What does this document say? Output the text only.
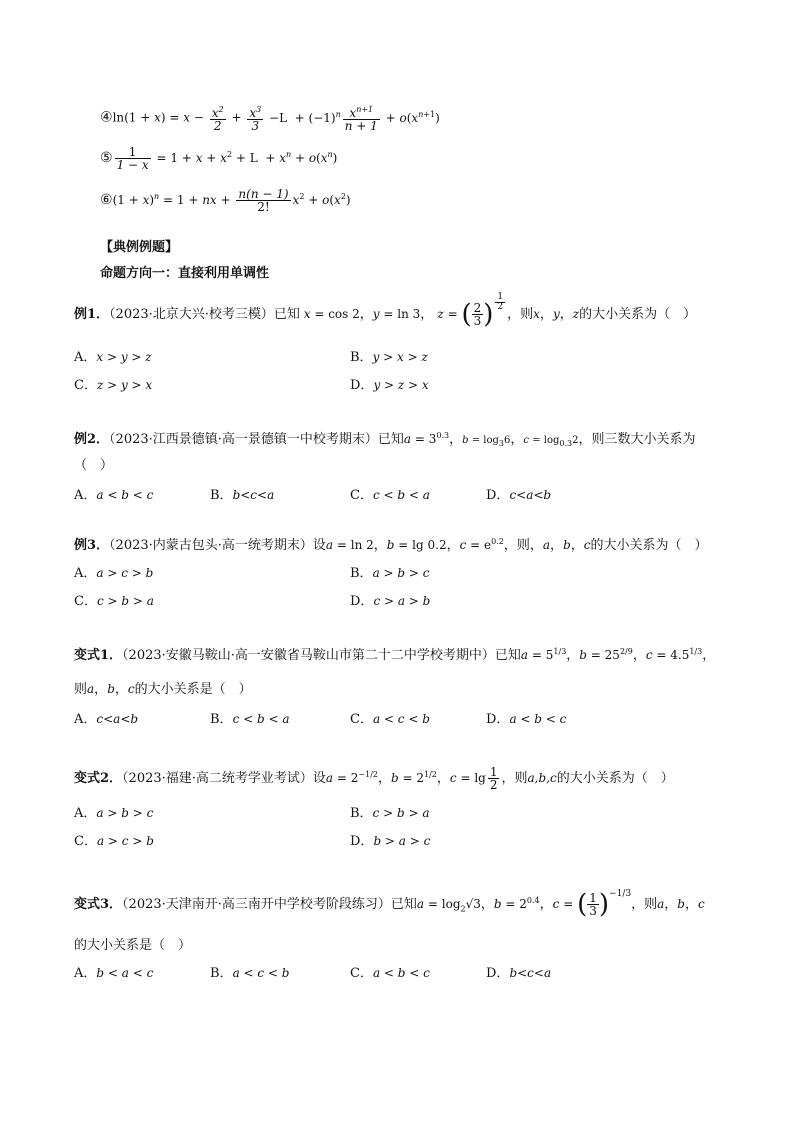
④ln(1 + $x) = x - \frac{x^2}{2} + \frac{x^3}{3} -L + (-1)^n \frac{x^{n+1}}{n + 1} + o(x^{n+1})$
⑤ $\frac{1}{1 - x} = 1 + x + x^2 + L + x^n + o(x^n)$
⑥(1 + x)$^n$ = 1 + nx + $\frac{n(n - 1)}{2!} x^2 + o(x^2)$
【典例例题】
命题方向一：直接利用单调性
例1．（2023·北京大兴·校考三模）已知 x = cos 2，y = ln 3， z = ( $\frac{2}{3}$ ) $\frac{1}{2}$
，则x，y，z的大小关系为（　）
A．x > y > z	B．y > x > z
C．z > y > x	D．y > z > x
例2．（2023·江西景德镇·高一景德镇一中校考期末）已知$a = 3^{0.3}$，$b = \log_36$，$c = \log_{0.3}2$，则三数大小关系为
（　）
A．a < b < c	B．b<c<a	C．c < b < a	D．c<a<b
例3．（2023·内蒙古包头·高一统考期末）设a = ln 2，b = lg 0.2，$c = e^{0.2}$，则，a，b，c的大小关系为（　）
A．a > c > b	B．a > b > c
C．c > b > a	D．c > a > b
变式1．（2023·安徽马鞍山·高一安徽省马鞍山市第二十二中学校考期中）已知$a = 5^{1/3}$，$b = 25^{2/9}$，$c = 4.5^{1/3}$，
则a，b，c的大小关系是（　）
A．c<a<b	B．c < b < a	C．a < c < b	D．a < b < c
变式2．（2023·福建·高二统考学业考试）设$a = 2^{-1/2}$，$b = 2^{1/2}$，$c = \lg \frac{1}{2}$ ，则a,b,c的大小关系为（　）
A．a > b > c	B．c > b > a
C．a > c > b	D．b > a > c
变式3．（2023·天津南开·高三南开中学校考阶段练习）已知$a = \log_2√3$，$b = 2^{0.4}$，c = ( $\frac{1}{3} )^{-1/3}$，则a，b，c
的大小关系是（　）
A．b < a < c	B．a < c < b	C．a < b < c	D．b<c<a
